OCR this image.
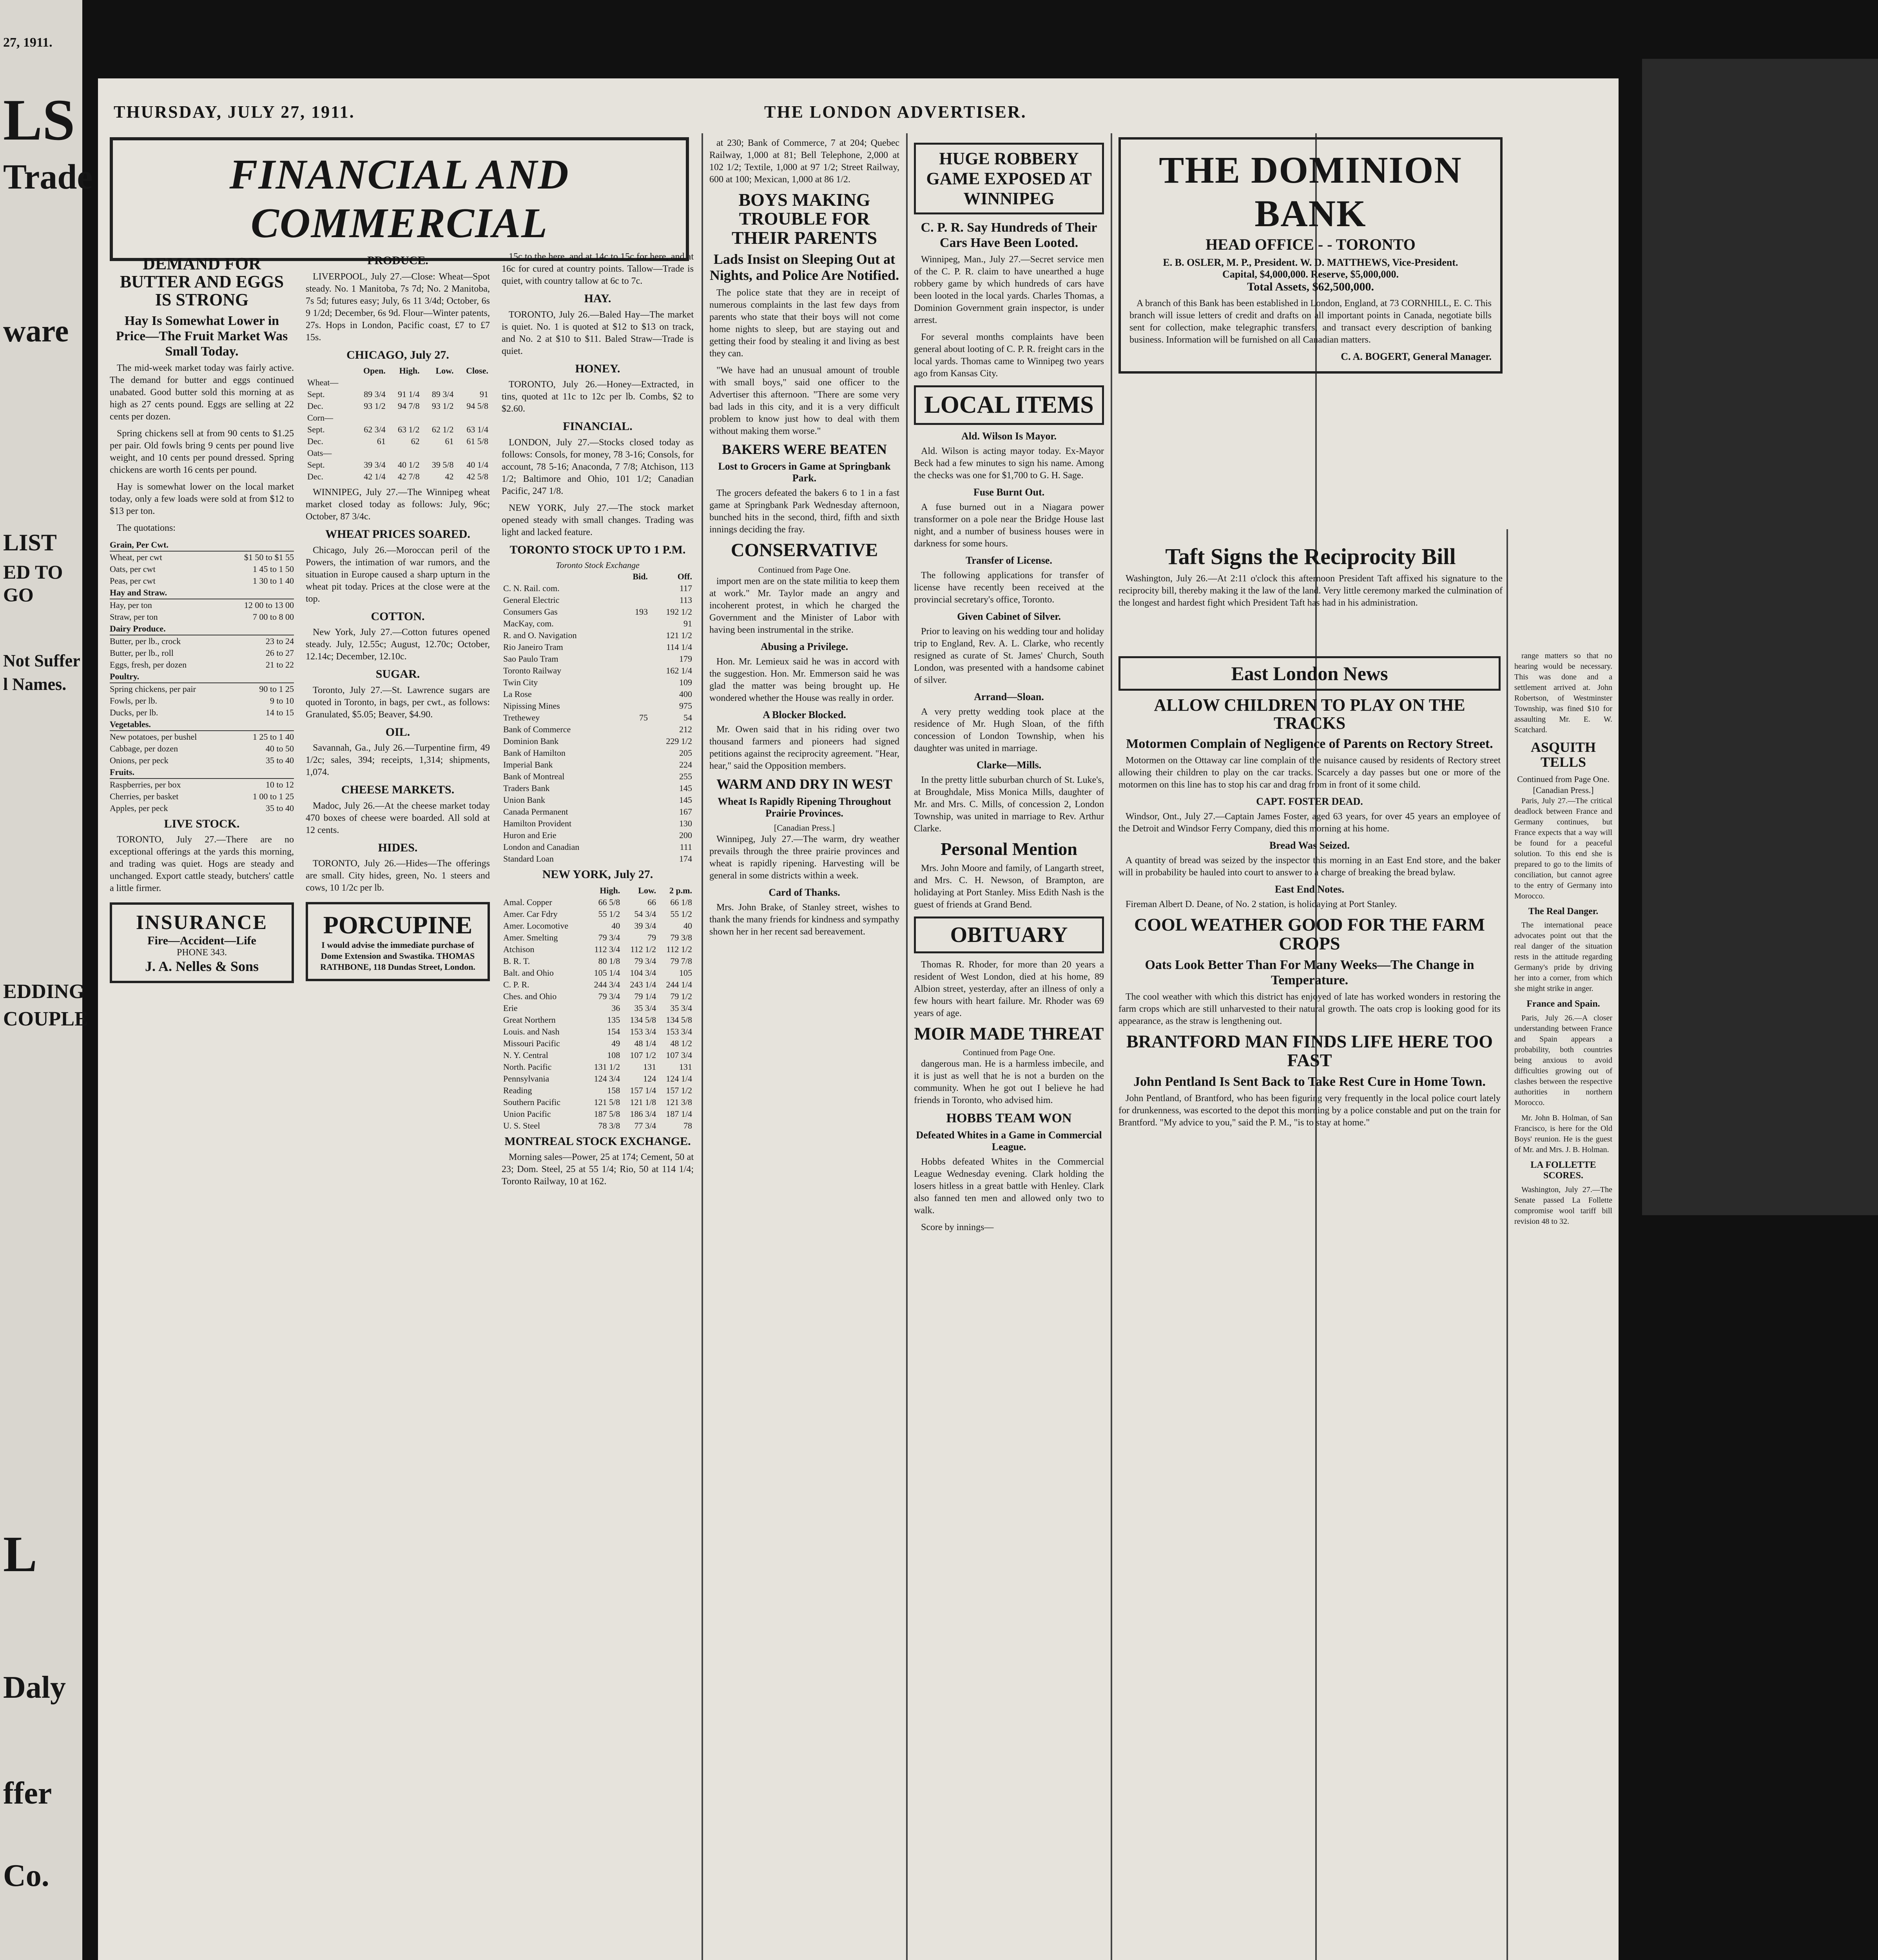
27, 1911.
LS
Trade
ware
LIST
ED TO GO
Not Suffer
l Names.
EDDING
COUPLE
L
Daly
ffer
Co.
THURSDAY, JULY 27, 1911.	THE LONDON ADVERTISER.
FINANCIAL AND COMMERCIAL
DEMAND FOR BUTTER AND EGGS IS STRONG
Hay Is Somewhat Lower in Price—The Fruit Market Was Small Today.

The mid-week market today was fairly active. The demand for butter and eggs continued unabated. Good butter sold this morning at as high as 27 cents pound. Eggs are selling at 22 cents per dozen.

Spring chickens sell at from 90 cents to $1.25 per pair. Old fowls bring 9 cents per pound live weight, and 10 cents per pound dressed. Spring chickens are worth 16 cents per pound.

Hay is somewhat lower on the local market today, only a few loads were sold at from $12 to $13 per ton.

The quotations:

Grain, Per Cwt.
Wheat, per cwt	$1 50 to $1 55
Oats, per cwt	1 45 to 1 50
Peas, per cwt	1 30 to 1 40
Hay and Straw.
Hay, per ton	12 00 to 13 00
Straw, per ton	7 00 to 8 00
Dairy Produce.
Butter, per lb., crock	23 to 24
Butter, per lb., roll	26 to 27
Eggs, fresh, per dozen	21 to 22
Poultry.
Spring chickens, per pair	90 to 1 25
Fowls, per lb.	9 to 10
Ducks, per lb.	14 to 15
Vegetables.
New potatoes, per bushel	1 25 to 1 40
Cabbage, per dozen	40 to 50
Onions, per peck	35 to 40
Fruits.
Raspberries, per box	10 to 12
Cherries, per basket	1 00 to 1 25
Apples, per peck	35 to 40
LIVE STOCK.

TORONTO, July 27.—There are no exceptional offerings at the yards this morning, and trading was quiet. Hogs are steady and unchanged. Export cattle steady, butchers' cattle a little firmer.

INSURANCE
Fire—Accident—Life
PHONE 343.
J. A. Nelles & Sons
PRODUCE.

LIVERPOOL, July 27.—Close: Wheat—Spot steady. No. 1 Manitoba, 7s 7d; No. 2 Manitoba, 7s 5d; futures easy; July, 6s 11 3/4d; October, 6s 9 1/2d; December, 6s 9d. Flour—Winter patents, 27s. Hops in London, Pacific coast, £7 to £7 15s.

CHICAGO, July 27.
	Open.	High.	Low.	Close.
Wheat—				
Sept.	89 3/4	91 1/4	89 3/4	91
Dec.	93 1/2	94 7/8	93 1/2	94 5/8
Corn—				
Sept.	62 3/4	63 1/2	62 1/2	63 1/4
Dec.	61	62	61	61 5/8
Oats—				
Sept.	39 3/4	40 1/2	39 5/8	40 1/4
Dec.	42 1/4	42 7/8	42	42 5/8

WINNIPEG, July 27.—The Winnipeg wheat market closed today as follows: July, 96c; October, 87 3/4c.

WHEAT PRICES SOARED.

Chicago, July 26.—Moroccan peril of the Powers, the intimation of war rumors, and the situation in Europe caused a sharp upturn in the wheat pit today. Prices at the close were at the top.

COTTON.

New York, July 27.—Cotton futures opened steady. July, 12.55c; August, 12.70c; October, 12.14c; December, 12.10c.

SUGAR.

Toronto, July 27.—St. Lawrence sugars are quoted in Toronto, in bags, per cwt., as follows: Granulated, $5.05; Beaver, $4.90.

OIL.

Savannah, Ga., July 26.—Turpentine firm, 49 1/2c; sales, 394; receipts, 1,314; shipments, 1,074.

CHEESE MARKETS.

Madoc, July 26.—At the cheese market today 470 boxes of cheese were boarded. All sold at 12 cents.

HIDES.

TORONTO, July 26.—Hides—The offerings are small. City hides, green, No. 1 steers and cows, 10 1/2c per lb.

PORCUPINE
I would advise the immediate purchase of Dome Extension and Swastika. THOMAS RATHBONE, 118 Dundas Street, London.

15c to the here, and at 14c to 15c for here, and at 16c for cured at country points. Tallow—Trade is quiet, with country tallow at 6c to 7c.

HAY.

TORONTO, July 26.—Baled Hay—The market is quiet. No. 1 is quoted at $12 to $13 on track, and No. 2 at $10 to $11. Baled Straw—Trade is quiet.

HONEY.

TORONTO, July 26.—Honey—Extracted, in tins, quoted at 11c to 12c per lb. Combs, $2 to $2.60.

FINANCIAL.

LONDON, July 27.—Stocks closed today as follows: Consols, for money, 78 3-16; Consols, for account, 78 5-16; Anaconda, 7 7/8; Atchison, 113 1/2; Baltimore and Ohio, 101 1/2; Canadian Pacific, 247 1/8.

NEW YORK, July 27.—The stock market opened steady with small changes. Trading was light and lacked feature.

TORONTO STOCK UP TO 1 P.M.
Toronto Stock Exchange
	Bid.	Off.
C. N. Rail. com.		117
General Electric		113
Consumers Gas	193	192 1/2
MacKay, com.		91
R. and O. Navigation		121 1/2
Rio Janeiro Tram		114 1/4
Sao Paulo Tram		179
Toronto Railway		162 1/4
Twin City		109
La Rose		400
Nipissing Mines		975
Trethewey	75	54
Bank of Commerce		212
Dominion Bank		229 1/2
Bank of Hamilton		205
Imperial Bank		224
Bank of Montreal		255
Traders Bank		145
Union Bank		145
Canada Permanent		167
Hamilton Provident		130
Huron and Erie		200
London and Canadian		111
Standard Loan		174
NEW YORK, July 27.
	High.	Low.	2 p.m.
Amal. Copper	66 5/8	66	66 1/8
Amer. Car Fdry	55 1/2	54 3/4	55 1/2
Amer. Locomotive	40	39 3/4	40
Amer. Smelting	79 3/4	79	79 3/8
Atchison	112 3/4	112 1/2	112 1/2
B. R. T.	80 1/8	79 3/4	79 7/8
Balt. and Ohio	105 1/4	104 3/4	105
C. P. R.	244 3/4	243 1/4	244 1/4
Ches. and Ohio	79 3/4	79 1/4	79 1/2
Erie	36	35 3/4	35 3/4
Great Northern	135	134 5/8	134 5/8
Louis. and Nash	154	153 3/4	153 3/4
Missouri Pacific	49	48 1/4	48 1/2
N. Y. Central	108	107 1/2	107 3/4
North. Pacific	131 1/2	131	131
Pennsylvania	124 3/4	124	124 1/4
Reading	158	157 1/4	157 1/2
Southern Pacific	121 5/8	121 1/8	121 3/8
Union Pacific	187 5/8	186 3/4	187 1/4
U. S. Steel	78 3/8	77 3/4	78
MONTREAL STOCK EXCHANGE.

Morning sales—Power, 25 at 174; Cement, 50 at 23; Dom. Steel, 25 at 55 1/4; Rio, 50 at 114 1/4; Toronto Railway, 10 at 162.

at 230; Bank of Commerce, 7 at 204; Quebec Railway, 1,000 at 81; Bell Telephone, 2,000 at 102 1/2; Textile, 1,000 at 97 1/2; Street Railway, 600 at 100; Mexican, 1,000 at 86 1/2.

BOYS MAKING TROUBLE FOR THEIR PARENTS
Lads Insist on Sleeping Out at Nights, and Police Are Notified.

The police state that they are in receipt of numerous complaints in the last few days from parents who state that their boys will not come home nights to sleep, but are staying out and getting their food by stealing it and living as best they can.

"We have had an unusual amount of trouble with small boys," said one officer to the Advertiser this afternoon. "There are some very bad lads in this city, and it is a very difficult problem to know just how to deal with them without making them worse."

BAKERS WERE BEATEN
Lost to Grocers in Game at Springbank Park.

The grocers defeated the bakers 6 to 1 in a fast game at Springbank Park Wednesday afternoon, bunched hits in the second, third, fifth and sixth innings deciding the fray.

CONSERVATIVE
Continued from Page One.

import men are on the state militia to keep them at work." Mr. Taylor made an angry and incoherent protest, in which he charged the Government and the Minister of Labor with having been instrumental in the strike.

Abusing a Privilege.

Hon. Mr. Lemieux said he was in accord with the suggestion. Hon. Mr. Emmerson said he was glad the matter was being brought up. He wondered whether the House was really in order.

A Blocker Blocked.

Mr. Owen said that in his riding over two thousand farmers and pioneers had signed petitions against the reciprocity agreement. "Hear, hear," said the Opposition members.

WARM AND DRY IN WEST
Wheat Is Rapidly Ripening Throughout Prairie Provinces.
[Canadian Press.]

Winnipeg, July 27.—The warm, dry weather prevails through the three prairie provinces and wheat is rapidly ripening. Harvesting will be general in some districts within a week.

Card of Thanks.

Mrs. John Brake, of Stanley street, wishes to thank the many friends for kindness and sympathy shown her in her recent sad bereavement.

HUGE ROBBERY GAME EXPOSED AT WINNIPEG
C. P. R. Say Hundreds of Their Cars Have Been Looted.

Winnipeg, Man., July 27.—Secret service men of the C. P. R. claim to have unearthed a huge robbery game by which hundreds of cars have been looted in the local yards. Charles Thomas, a Dominion Government grain inspector, is under arrest.

For several months complaints have been general about looting of C. P. R. freight cars in the local yards. Thomas came to Winnipeg two years ago from Kansas City.

LOCAL ITEMS
Ald. Wilson Is Mayor.

Ald. Wilson is acting mayor today. Ex-Mayor Beck had a few minutes to sign his name. Among the checks was one for $1,700 to G. H. Sage.

Fuse Burnt Out.

A fuse burned out in a Niagara power transformer on a pole near the Bridge House last night, and a number of business houses were in darkness for some hours.

Transfer of License.

The following applications for transfer of license have recently been received at the provincial secretary's office, Toronto.

Given Cabinet of Silver.

Prior to leaving on his wedding tour and holiday trip to England, Rev. A. L. Clarke, who recently resigned as curate of St. James' Church, South London, was presented with a handsome cabinet of silver.

Arrand—Sloan.

A very pretty wedding took place at the residence of Mr. Hugh Sloan, of the fifth concession of London Township, when his daughter was united in marriage.

Clarke—Mills.

In the pretty little suburban church of St. Luke's, at Broughdale, Miss Monica Mills, daughter of Mr. and Mrs. C. Mills, of concession 2, London Township, was united in marriage to Rev. Arthur Clarke.

Personal Mention

Mrs. John Moore and family, of Langarth street, and Mrs. C. H. Newson, of Brampton, are holidaying at Port Stanley. Miss Edith Nash is the guest of friends at Grand Bend.

OBITUARY

Thomas R. Rhoder, for more than 20 years a resident of West London, died at his home, 89 Albion street, yesterday, after an illness of only a few hours with heart failure. Mr. Rhoder was 69 years of age.

MOIR MADE THREAT
Continued from Page One.

dangerous man. He is a harmless imbecile, and it is just as well that he is not a burden on the community. When he got out I believe he had friends in Toronto, who advised him.

HOBBS TEAM WON
Defeated Whites in a Game in Commercial League.

Hobbs defeated Whites in the Commercial League Wednesday evening. Clark holding the losers hitless in a great battle with Henley. Clark also fanned ten men and allowed only two to walk.

Score by innings—

THE DOMINION BANK
HEAD OFFICE - - TORONTO
E. B. OSLER, M. P., President. W. D. MATTHEWS, Vice-President.
Capital, $4,000,000. Reserve, $5,000,000.
Total Assets, $62,500,000.

A branch of this Bank has been established in London, England, at 73 CORNHILL, E. C. This branch will issue letters of credit and drafts on all important points in Canada, negotiate bills sent for collection, make telegraphic transfers, and transact every description of banking business. Information will be furnished on all Canadian matters.

C. A. BOGERT, General Manager.
Taft Signs the Reciprocity Bill

Washington, July 26.—At 2:11 o'clock this afternoon President Taft affixed his signature to the reciprocity bill, thereby making it the law of the land. Very little ceremony marked the culmination of the longest and hardest fight which President Taft has had in his administration.

East London News
ALLOW CHILDREN TO PLAY ON THE TRACKS
Motormen Complain of Negligence of Parents on Rectory Street.

Motormen on the Ottaway car line complain of the nuisance caused by residents of Rectory street allowing their children to play on the car tracks. Scarcely a day passes but one or more of the motormen on this line has to stop his car and drag from in front of it some child.

CAPT. FOSTER DEAD.

Windsor, Ont., July 27.—Captain James Foster, aged 63 years, for over 45 years an employee of the Detroit and Windsor Ferry Company, died this morning at his home.

Bread Was Seized.

A quantity of bread was seized by the inspector this morning in an East End store, and the baker will in probability be hauled into court to answer to a charge of breaking the bread bylaw.

East End Notes.

Fireman Albert D. Deane, of No. 2 station, is holidaying at Port Stanley.

COOL WEATHER GOOD FOR THE FARM CROPS
Oats Look Better Than For Many Weeks—The Change in Temperature.

The cool weather with which this district has enjoyed of late has worked wonders in restoring the farm crops which are still unharvested to their natural growth. The oats crop is looking good for its appearance, as the straw is lengthening out.

BRANTFORD MAN FINDS LIFE HERE TOO FAST
John Pentland Is Sent Back to Take Rest Cure in Home Town.

John Pentland, of Brantford, who has been figuring very frequently in the local police court lately for drunkenness, was escorted to the depot this morning by a police constable and put on the train for Brantford. "My advice to you," said the P. M., "is to stay at home."

range matters so that no hearing would be necessary. This was done and a settlement arrived at. John Robertson, of Westminster Township, was fined $10 for assaulting Mr. E. W. Scatchard.

ASQUITH TELLS
Continued from Page One.
[Canadian Press.]

Paris, July 27.—The critical deadlock between France and Germany continues, but France expects that a way will be found for a peaceful solution. To this end she is prepared to go to the limits of conciliation, but cannot agree to the entry of Germany into Morocco.

The Real Danger.

The international peace advocates point out that the real danger of the situation rests in the attitude regarding Germany's pride by driving her into a corner, from which she might strike in anger.

France and Spain.

Paris, July 26.—A closer understanding between France and Spain appears a probability, both countries being anxious to avoid difficulties growing out of clashes between the respective authorities in northern Morocco.

Mr. John B. Holman, of San Francisco, is here for the Old Boys' reunion. He is the guest of Mr. and Mrs. J. B. Holman.

LA FOLLETTE SCORES.

Washington, July 27.—The Senate passed La Follette compromise wool tariff bill revision 48 to 32.
